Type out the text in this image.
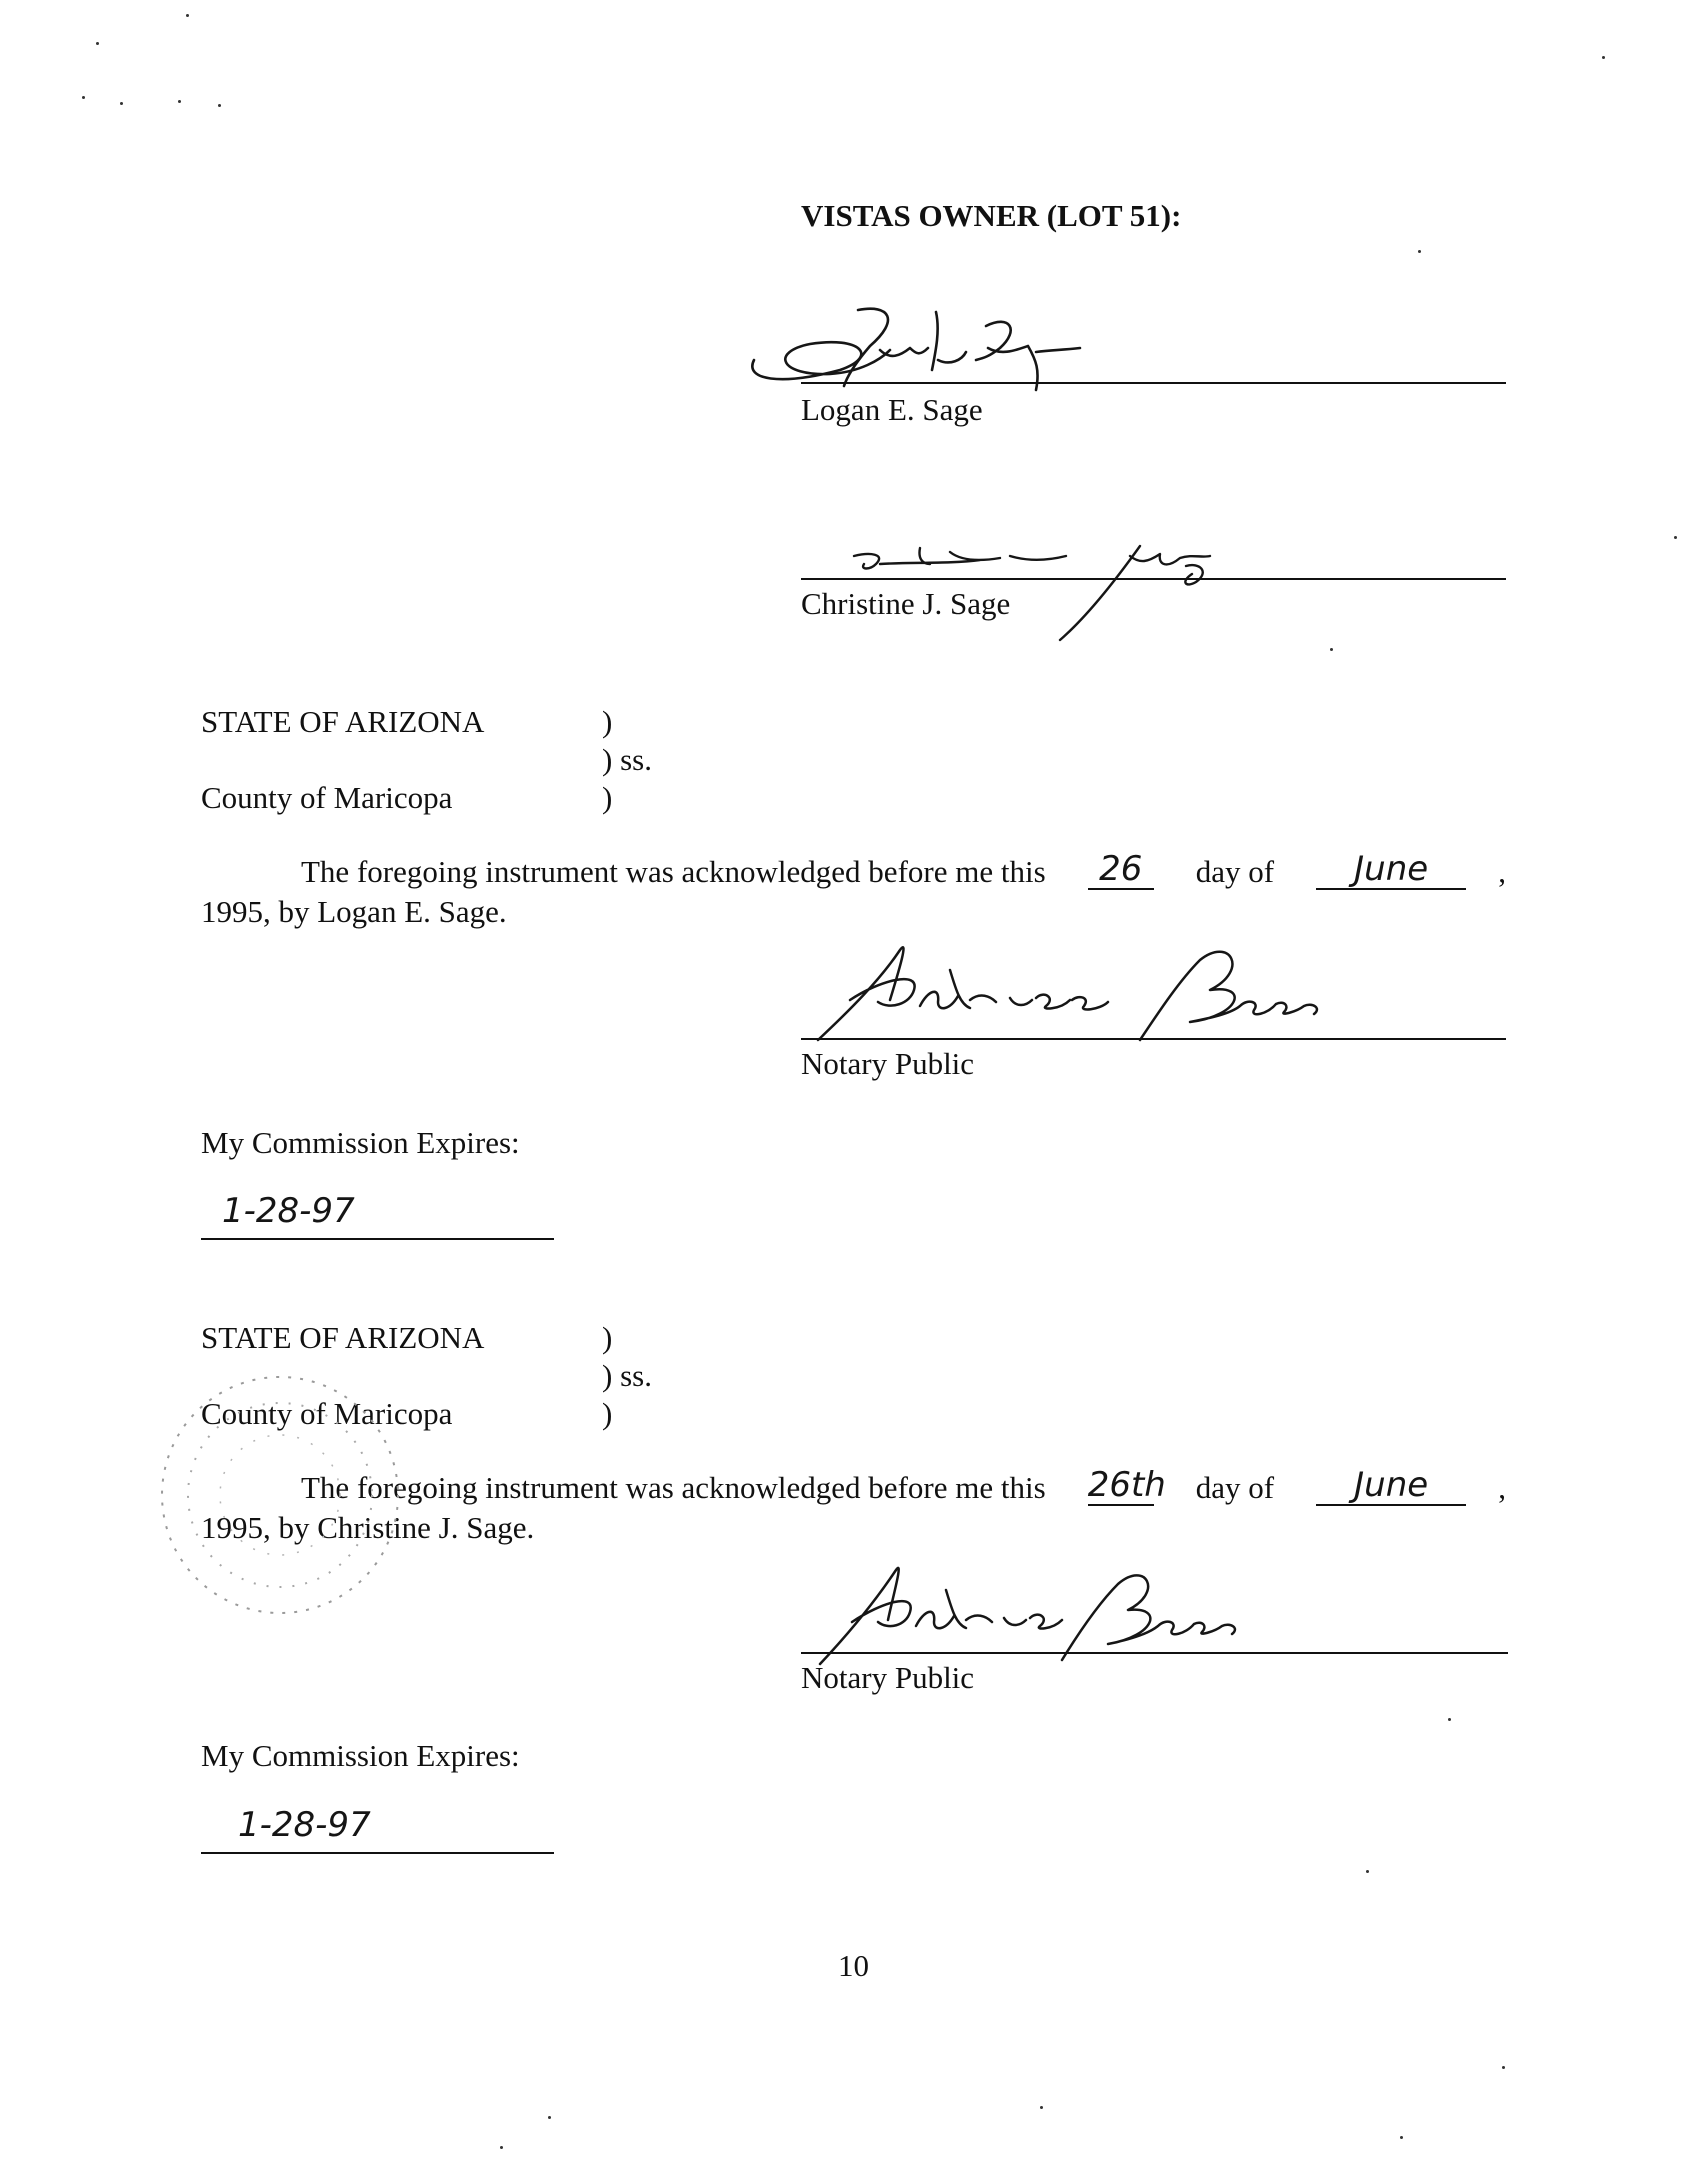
VISTAS OWNER (LOT 51):
Logan E. Sage
Christine J. Sage
STATE OF ARIZONA	)
) ss.
County of Maricopa	)
The foregoing instrument was acknowledged before me this	26	day of	June	,
1995, by Logan E. Sage.
Notary Public
My Commission Expires:
1-28-97
STATE OF ARIZONA	)
) ss.
County of Maricopa	)
The foregoing instrument was acknowledged before me this 26th day of	June	,
1995, by Christine J. Sage.
Notary Public
My Commission Expires:
1-28-97
10
